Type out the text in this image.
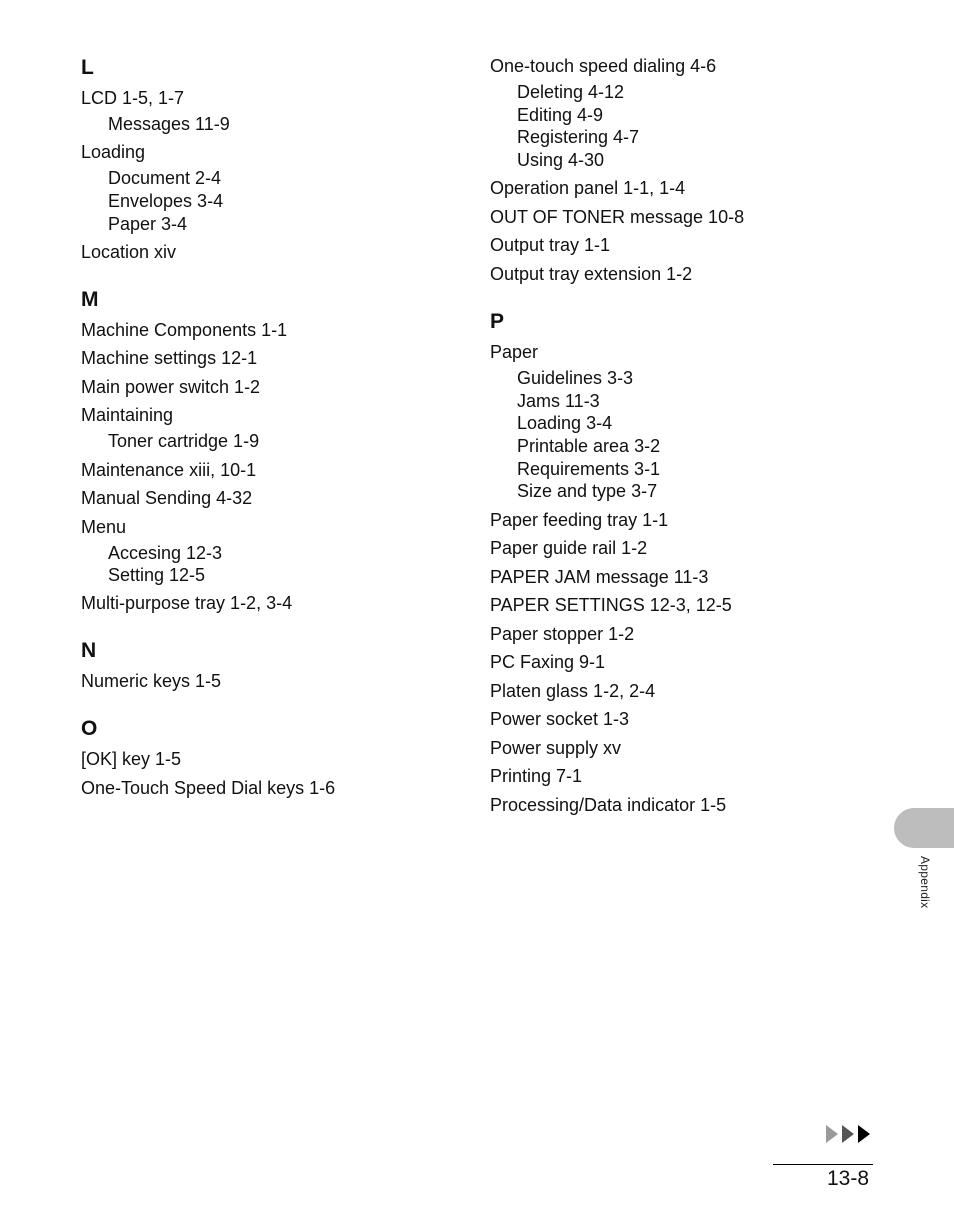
L
LCD 1-5, 1-7
Messages 11-9
Loading
Document 2-4
Envelopes 3-4
Paper 3-4
Location xiv
M
Machine Components 1-1
Machine settings 12-1
Main power switch 1-2
Maintaining
Toner cartridge 1-9
Maintenance xiii, 10-1
Manual Sending 4-32
Menu
Accesing 12-3
Setting 12-5
Multi-purpose tray 1-2, 3-4
N
Numeric keys 1-5
O
[OK] key 1-5
One-Touch Speed Dial keys 1-6
One-touch speed dialing 4-6
Deleting 4-12
Editing 4-9
Registering 4-7
Using 4-30
Operation panel 1-1, 1-4
OUT OF TONER message 10-8
Output tray 1-1
Output tray extension 1-2
P
Paper
Guidelines 3-3
Jams 11-3
Loading 3-4
Printable area 3-2
Requirements 3-1
Size and type 3-7
Paper feeding tray 1-1
Paper guide rail 1-2
PAPER JAM message 11-3
PAPER SETTINGS 12-3, 12-5
Paper stopper 1-2
PC Faxing 9-1
Platen glass 1-2, 2-4
Power socket 1-3
Power supply xv
Printing 7-1
Processing/Data indicator 1-5
Appendix
13-8
